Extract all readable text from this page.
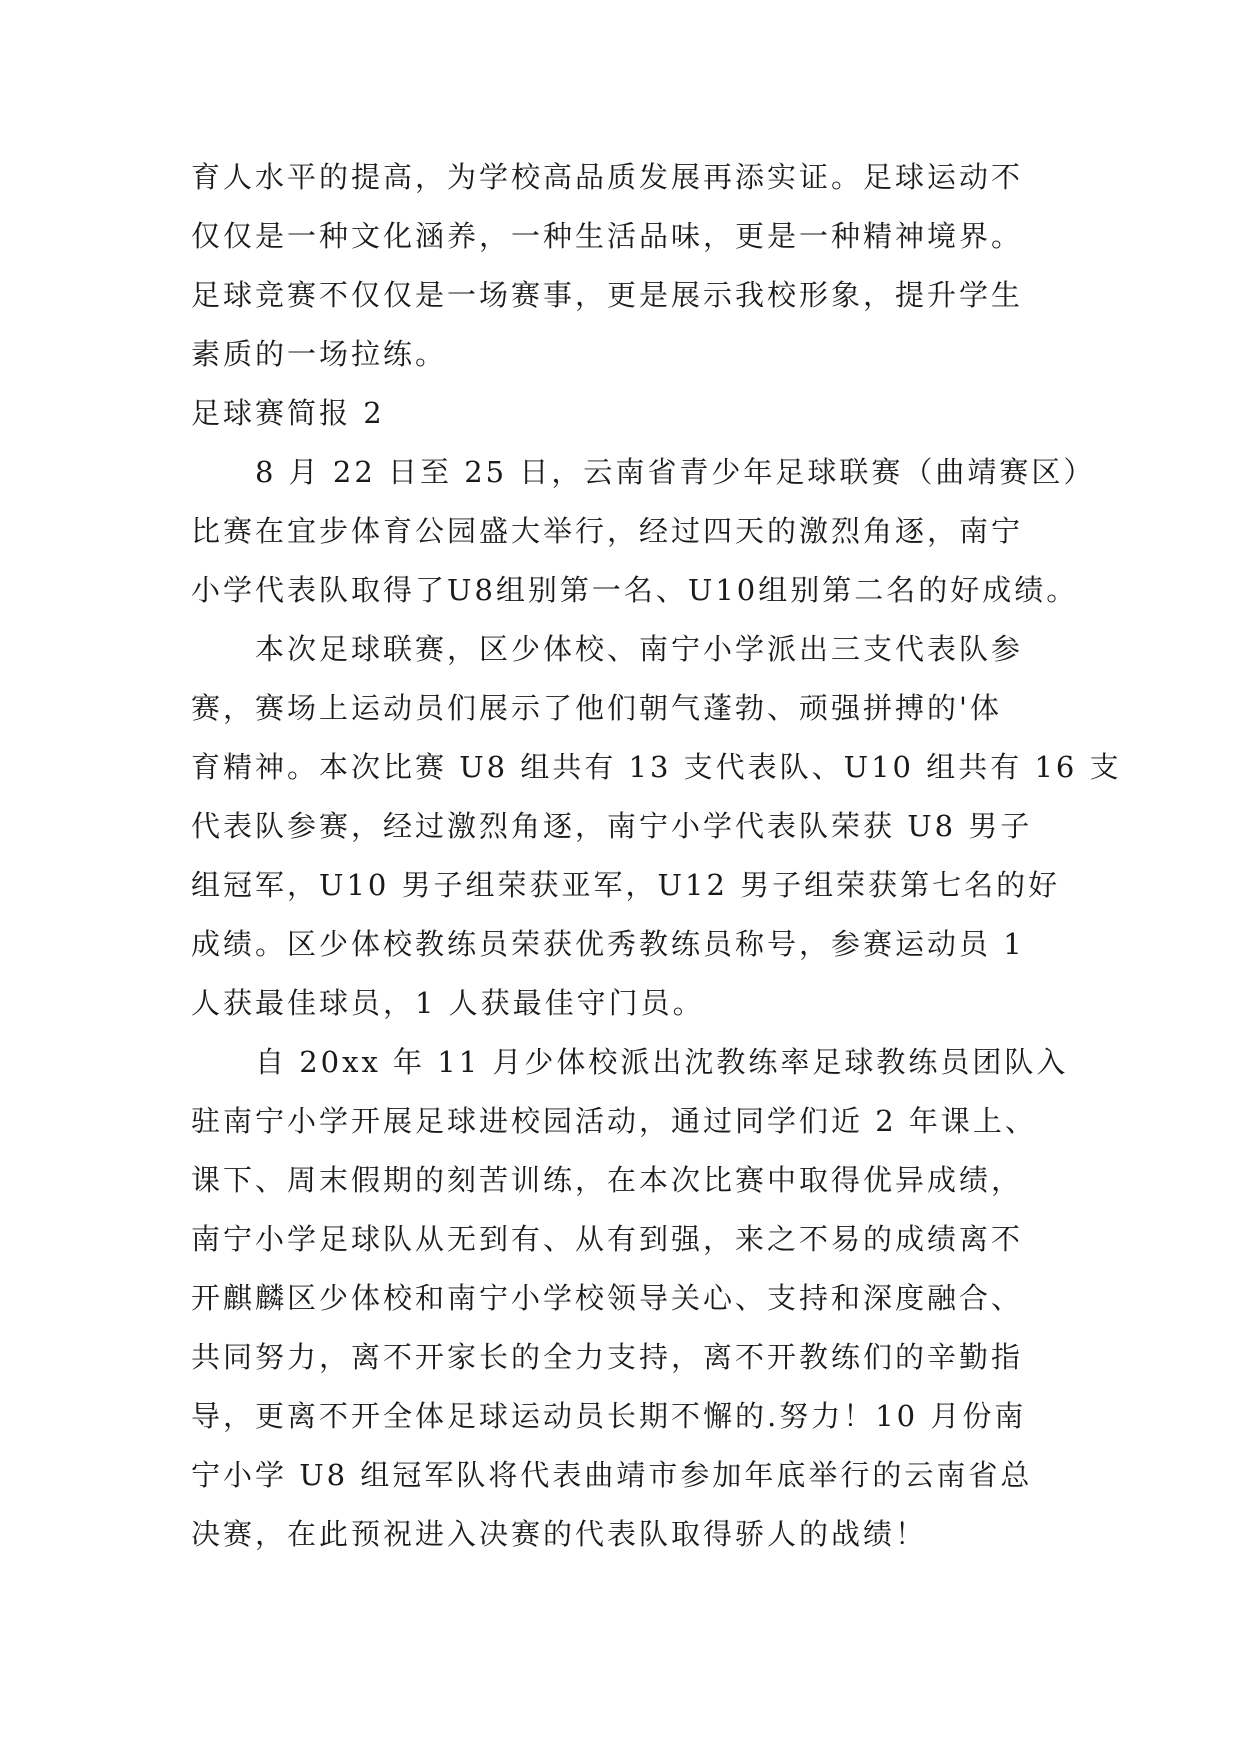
育人水平的提高，为学校高品质发展再添实证。足球运动不
仅仅是一种文化涵养，一种生活品味，更是一种精神境界。
足球竞赛不仅仅是一场赛事，更是展示我校形象，提升学生
素质的一场拉练。
足球赛简报 2
8 月 22 日至 25 日，云南省青少年足球联赛（曲靖赛区）
比赛在宜步体育公园盛大举行，经过四天的激烈角逐，南宁
小学代表队取得了U8组别第一名、U10组别第二名的好成绩。
本次足球联赛，区少体校、南宁小学派出三支代表队参
赛，赛场上运动员们展示了他们朝气蓬勃、顽强拼搏的'体
育精神。本次比赛 U8 组共有 13 支代表队、U10 组共有 16 支
代表队参赛，经过激烈角逐，南宁小学代表队荣获 U8 男子
组冠军，U10 男子组荣获亚军，U12 男子组荣获第七名的好
成绩。区少体校教练员荣获优秀教练员称号，参赛运动员 1
人获最佳球员，1 人获最佳守门员。
自 20xx 年 11 月少体校派出沈教练率足球教练员团队入
驻南宁小学开展足球进校园活动，通过同学们近 2 年课上、
课下、周末假期的刻苦训练，在本次比赛中取得优异成绩，
南宁小学足球队从无到有、从有到强，来之不易的成绩离不
开麒麟区少体校和南宁小学校领导关心、支持和深度融合、
共同努力，离不开家长的全力支持，离不开教练们的辛勤指
导，更离不开全体足球运动员长期不懈的.努力！10 月份南
宁小学 U8 组冠军队将代表曲靖市参加年底举行的云南省总
决赛，在此预祝进入决赛的代表队取得骄人的战绩！
